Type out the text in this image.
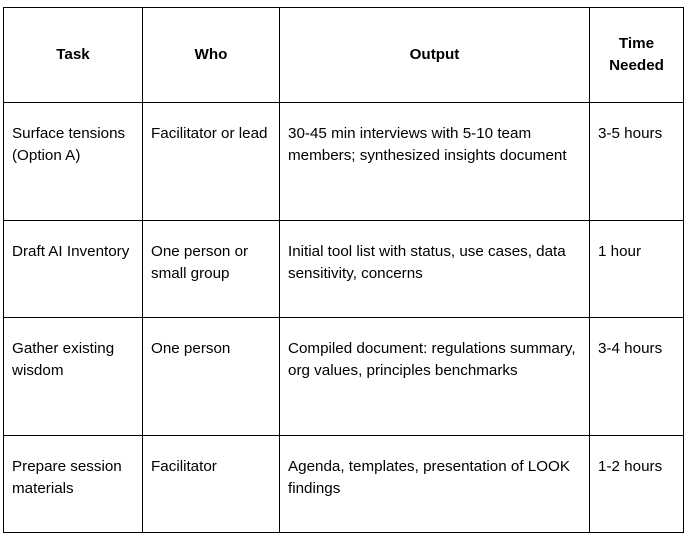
Task	Who	Output	Time Needed

Surface tensions (Option A)	Facilitator or lead	30-45 min interviews with 5-10 team members; synthesized insights document	3-5 hours

Draft AI Inventory	One person or small group	Initial tool list with status, use cases, data sensitivity, concerns	1 hour

Gather existing wisdom	One person	Compiled document: regulations summary, org values, principles benchmarks	3-4 hours

Prepare session materials	Facilitator	Agenda, templates, presentation of LOOK findings	1-2 hours
